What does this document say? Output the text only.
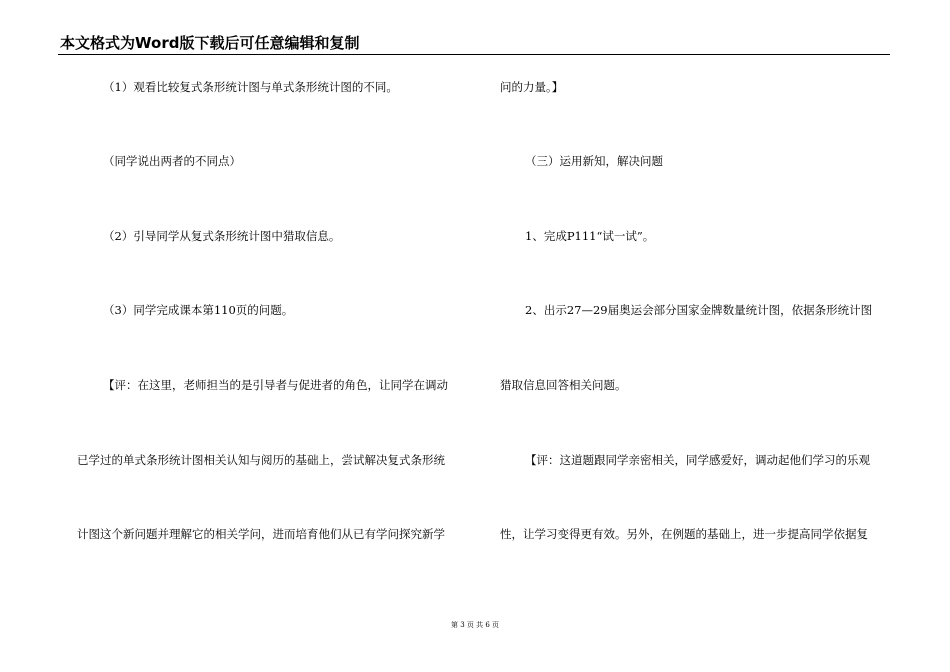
本文格式为Word版下载后可任意编辑和复制
（1）观看比较复式条形统计图与单式条形统计图的不同。
（同学说出两者的不同点）
（2）引导同学从复式条形统计图中猎取信息。
（3）同学完成课本第110页的问题。
【评：在这里，老师担当的是引导者与促进者的角色，让同学在调动
已学过的单式条形统计图相关认知与阅历的基础上，尝试解决复式条形统
计图这个新问题并理解它的相关学问，进而培育他们从已有学问探究新学
问的力量。】
（三）运用新知，解决问题
1、完成P111“试一试”。
2、出示27—29届奥运会部分国家金牌数量统计图，依据条形统计图
猎取信息回答相关问题。
【评：这道题跟同学亲密相关，同学感爱好，调动起他们学习的乐观
性，让学习变得更有效。另外，在例题的基础上，进一步提高同学依据复
第 3 页 共 6 页
